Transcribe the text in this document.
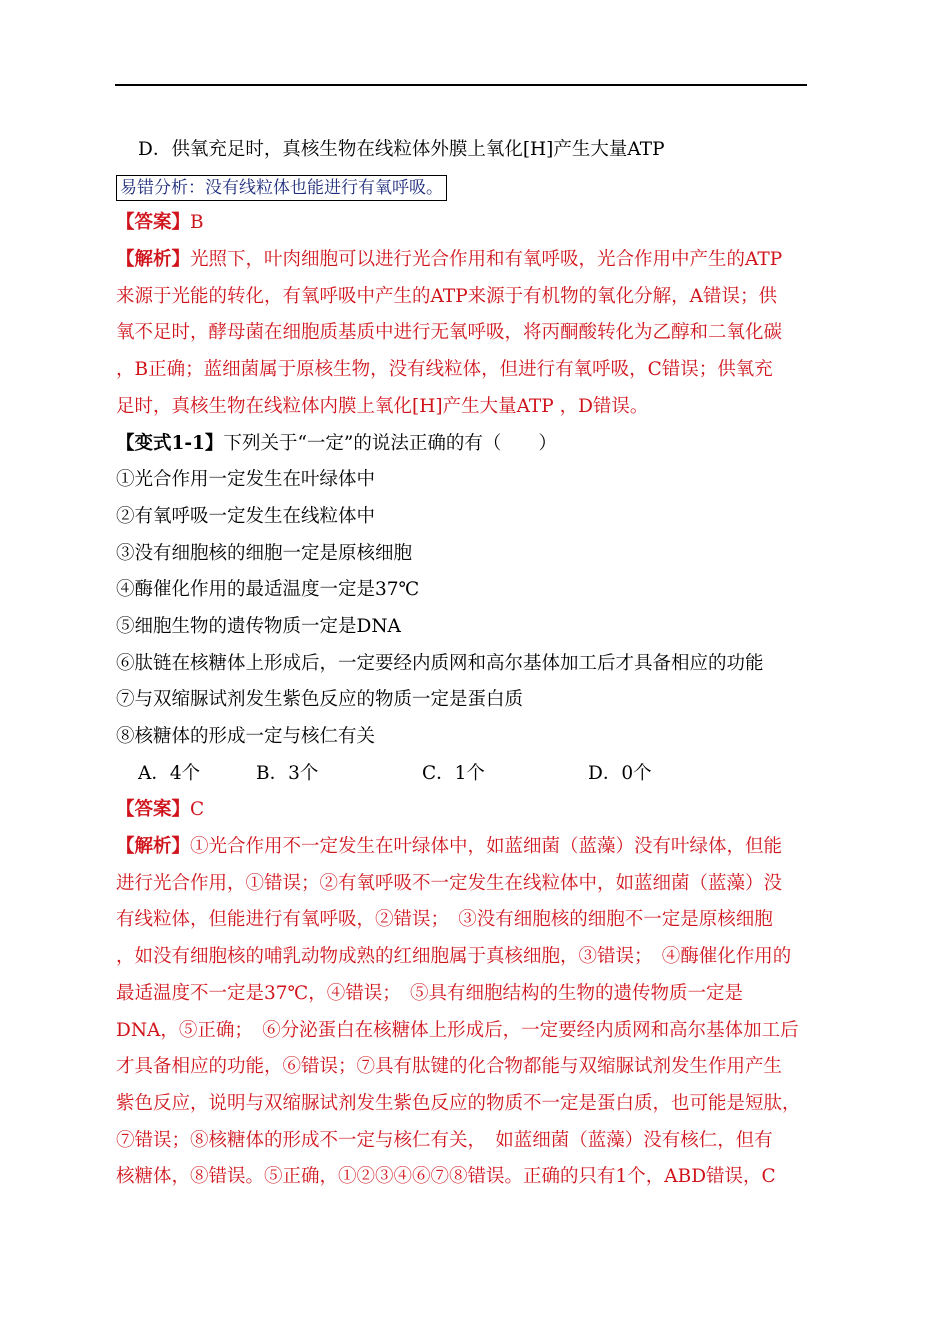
D．供氧充足时，真核生物在线粒体外膜上氧化[H]产生大量ATP
易错分析：没有线粒体也能进行有氧呼吸。
【答案】B
【解析】光照下，叶肉细胞可以进行光合作用和有氧呼吸，光合作用中产生的ATP
来源于光能的转化，有氧呼吸中产生的ATP来源于有机物的氧化分解，A错误；供
氧不足时，酵母菌在细胞质基质中进行无氧呼吸，将丙酮酸转化为乙醇和二氧化碳
，B正确；蓝细菌属于原核生物，没有线粒体，但进行有氧呼吸，C错误；供氧充
足时，真核生物在线粒体内膜上氧化[H]产生大量ATP ，D错误。
【变式1-1】下列关于“一定”的说法正确的有（　　）
①光合作用一定发生在叶绿体中
②有氧呼吸一定发生在线粒体中
③没有细胞核的细胞一定是原核细胞
④酶催化作用的最适温度一定是37℃
⑤细胞生物的遗传物质一定是DNA
⑥肽链在核糖体上形成后，一定要经内质网和高尔基体加工后才具备相应的功能
⑦与双缩脲试剂发生紫色反应的物质一定是蛋白质
⑧核糖体的形成一定与核仁有关
A．4个	B．3个	C．1个	D．0个
【答案】C
【解析】①光合作用不一定发生在叶绿体中，如蓝细菌（蓝藻）没有叶绿体，但能
进行光合作用，①错误；②有氧呼吸不一定发生在线粒体中，如蓝细菌（蓝藻）没
有线粒体，但能进行有氧呼吸，②错误；　③没有细胞核的细胞不一定是原核细胞
，如没有细胞核的哺乳动物成熟的红细胞属于真核细胞，③错误；　④酶催化作用的
最适温度不一定是37℃，④错误；　⑤具有细胞结构的生物的遗传物质一定是
DNA，⑤正确；　⑥分泌蛋白在核糖体上形成后，一定要经内质网和高尔基体加工后
才具备相应的功能，⑥错误；⑦具有肽键的化合物都能与双缩脲试剂发生作用产生
紫色反应，说明与双缩脲试剂发生紫色反应的物质不一定是蛋白质，也可能是短肽，
⑦错误；⑧核糖体的形成不一定与核仁有关，　如蓝细菌（蓝藻）没有核仁，但有
核糖体，⑧错误。⑤正确，①②③④⑥⑦⑧错误。正确的只有1个，ABD错误，C
